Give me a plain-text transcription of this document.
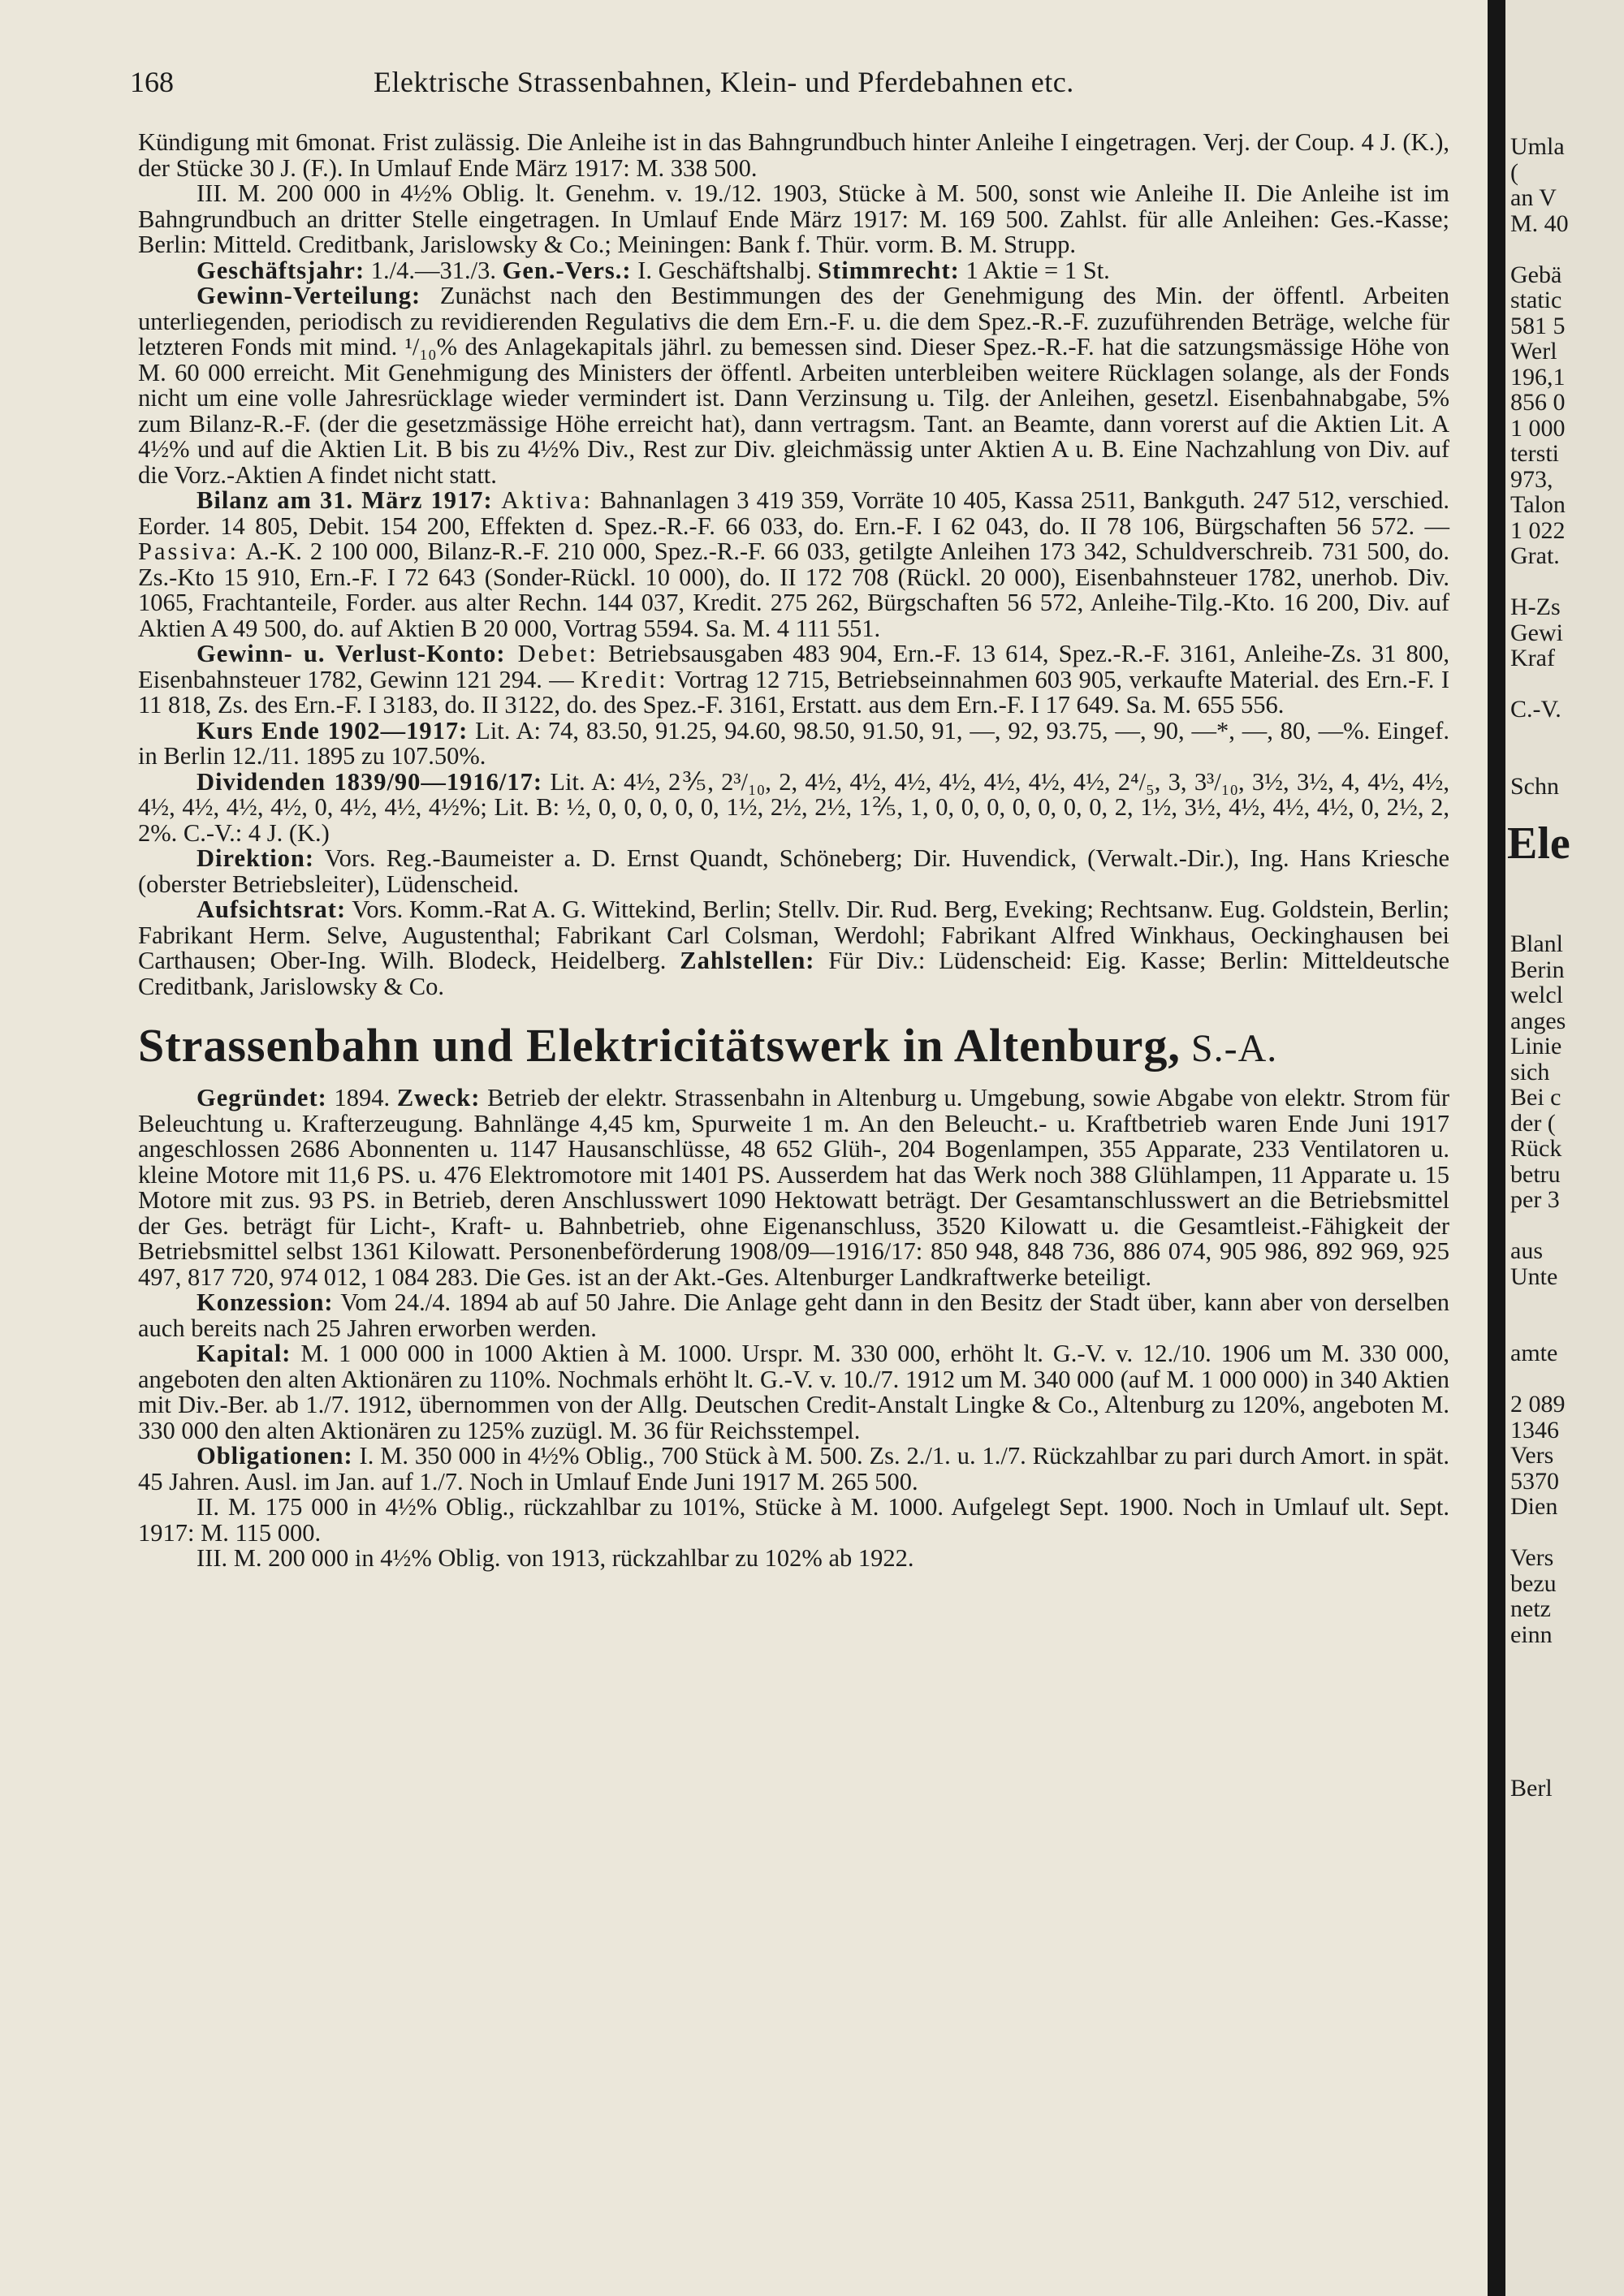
168	Elektrische Strassenbahnen, Klein- und Pferdebahnen etc.

Kündigung mit 6monat. Frist zulässig. Die Anleihe ist in das Bahngrundbuch hinter Anleihe I eingetragen. Verj. der Coup. 4 J. (K.), der Stücke 30 J. (F.). In Umlauf Ende März 1917: M. 338 500.

III. M. 200 000 in 4½% Oblig. lt. Genehm. v. 19./12. 1903, Stücke à M. 500, sonst wie Anleihe II. Die Anleihe ist im Bahngrundbuch an dritter Stelle eingetragen. In Umlauf Ende März 1917: M. 169 500. Zahlst. für alle Anleihen: Ges.-Kasse; Berlin: Mitteld. Creditbank, Jarislowsky & Co.; Meiningen: Bank f. Thür. vorm. B. M. Strupp.

Geschäftsjahr: 1./4.—31./3. Gen.-Vers.: I. Geschäftshalbj. Stimmrecht: 1 Aktie = 1 St.

Gewinn-Verteilung: Zunächst nach den Bestimmungen des der Genehmigung des Min. der öffentl. Arbeiten unterliegenden, periodisch zu revidierenden Regulativs die dem Ern.-F. u. die dem Spez.-R.-F. zuzuführenden Beträge, welche für letzteren Fonds mit mind. ¹/₁₀% des Anlagekapitals jährl. zu bemessen sind. Dieser Spez.-R.-F. hat die satzungsmässige Höhe von M. 60 000 erreicht. Mit Genehmigung des Ministers der öffentl. Arbeiten unterbleiben weitere Rücklagen solange, als der Fonds nicht um eine volle Jahresrücklage wieder vermindert ist. Dann Verzinsung u. Tilg. der Anleihen, gesetzl. Eisenbahnabgabe, 5% zum Bilanz-R.-F. (der die gesetzmässige Höhe erreicht hat), dann vertragsm. Tant. an Beamte, dann vorerst auf die Aktien Lit. A 4½% und auf die Aktien Lit. B bis zu 4½% Div., Rest zur Div. gleichmässig unter Aktien A u. B. Eine Nachzahlung von Div. auf die Vorz.-Aktien A findet nicht statt.

Bilanz am 31. März 1917: Aktiva: Bahnanlagen 3 419 359, Vorräte 10 405, Kassa 2511, Bankguth. 247 512, verschied. Eorder. 14 805, Debit. 154 200, Effekten d. Spez.-R.-F. 66 033, do. Ern.-F. I 62 043, do. II 78 106, Bürgschaften 56 572. — Passiva: A.-K. 2 100 000, Bilanz-R.-F. 210 000, Spez.-R.-F. 66 033, getilgte Anleihen 173 342, Schuldverschreib. 731 500, do. Zs.-Kto 15 910, Ern.-F. I 72 643 (Sonder-Rückl. 10 000), do. II 172 708 (Rückl. 20 000), Eisenbahnsteuer 1782, unerhob. Div. 1065, Frachtanteile, Forder. aus alter Rechn. 144 037, Kredit. 275 262, Bürgschaften 56 572, Anleihe-Tilg.-Kto. 16 200, Div. auf Aktien A 49 500, do. auf Aktien B 20 000, Vortrag 5594. Sa. M. 4 111 551.

Gewinn- u. Verlust-Konto: Debet: Betriebsausgaben 483 904, Ern.-F. 13 614, Spez.-R.-F. 3161, Anleihe-Zs. 31 800, Eisenbahnsteuer 1782, Gewinn 121 294. — Kredit: Vortrag 12 715, Betriebseinnahmen 603 905, verkaufte Material. des Ern.-F. I 11 818, Zs. des Ern.-F. I 3183, do. II 3122, do. des Spez.-F. 3161, Erstatt. aus dem Ern.-F. I 17 649. Sa. M. 655 556.

Kurs Ende 1902—1917: Lit. A: 74, 83.50, 91.25, 94.60, 98.50, 91.50, 91, —, 92, 93.75, —, 90, —*, —, 80, —%. Eingef. in Berlin 12./11. 1895 zu 107.50%.

Dividenden 1839/90—1916/17: Lit. A: 4½, 2⅗, 2³/₁₀, 2, 4½, 4½, 4½, 4½, 4½, 4½, 4½, 2⁴/₅, 3, 3³/₁₀, 3½, 3½, 4, 4½, 4½, 4½, 4½, 4½, 4½, 0, 4½, 4½, 4½%; Lit. B: ½, 0, 0, 0, 0, 0, 1½, 2½, 2½, 1⅖, 1, 0, 0, 0, 0, 0, 0, 0, 2, 1½, 3½, 4½, 4½, 4½, 0, 2½, 2, 2%. C.-V.: 4 J. (K.)

Direktion: Vors. Reg.-Baumeister a. D. Ernst Quandt, Schöneberg; Dir. Huvendick, (Verwalt.-Dir.), Ing. Hans Kriesche (oberster Betriebsleiter), Lüdenscheid.

Aufsichtsrat: Vors. Komm.-Rat A. G. Wittekind, Berlin; Stellv. Dir. Rud. Berg, Eveking; Rechtsanw. Eug. Goldstein, Berlin; Fabrikant Herm. Selve, Augustenthal; Fabrikant Carl Colsman, Werdohl; Fabrikant Alfred Winkhaus, Oeckinghausen bei Carthausen; Ober-Ing. Wilh. Blodeck, Heidelberg. Zahlstellen: Für Div.: Lüdenscheid: Eig. Kasse; Berlin: Mitteldeutsche Creditbank, Jarislowsky & Co.

Strassenbahn und Elektricitätswerk in Altenburg, S.-A.

Gegründet: 1894. Zweck: Betrieb der elektr. Strassenbahn in Altenburg u. Umgebung, sowie Abgabe von elektr. Strom für Beleuchtung u. Krafterzeugung. Bahnlänge 4,45 km, Spurweite 1 m. An den Beleucht.- u. Kraftbetrieb waren Ende Juni 1917 angeschlossen 2686 Abonnenten u. 1147 Hausanschlüsse, 48 652 Glüh-, 204 Bogenlampen, 355 Apparate, 233 Ventilatoren u. kleine Motore mit 11,6 PS. u. 476 Elektromotore mit 1401 PS. Ausserdem hat das Werk noch 388 Glühlampen, 11 Apparate u. 15 Motore mit zus. 93 PS. in Betrieb, deren Anschlusswert 1090 Hektowatt beträgt. Der Gesamtanschlusswert an die Betriebsmittel der Ges. beträgt für Licht-, Kraft- u. Bahnbetrieb, ohne Eigenanschluss, 3520 Kilowatt u. die Gesamtleist.-Fähigkeit der Betriebsmittel selbst 1361 Kilowatt. Personenbeförderung 1908/09—1916/17: 850 948, 848 736, 886 074, 905 986, 892 969, 925 497, 817 720, 974 012, 1 084 283. Die Ges. ist an der Akt.-Ges. Altenburger Landkraftwerke beteiligt.

Konzession: Vom 24./4. 1894 ab auf 50 Jahre. Die Anlage geht dann in den Besitz der Stadt über, kann aber von derselben auch bereits nach 25 Jahren erworben werden.

Kapital: M. 1 000 000 in 1000 Aktien à M. 1000. Urspr. M. 330 000, erhöht lt. G.-V. v. 12./10. 1906 um M. 330 000, angeboten den alten Aktionären zu 110%. Nochmals erhöht lt. G.-V. v. 10./7. 1912 um M. 340 000 (auf M. 1 000 000) in 340 Aktien mit Div.-Ber. ab 1./7. 1912, übernommen von der Allg. Deutschen Credit-Anstalt Lingke & Co., Altenburg zu 120%, angeboten M. 330 000 den alten Aktionären zu 125% zuzügl. M. 36 für Reichsstempel.

Obligationen: I. M. 350 000 in 4½% Oblig., 700 Stück à M. 500. Zs. 2./1. u. 1./7. Rückzahlbar zu pari durch Amort. in spät. 45 Jahren. Ausl. im Jan. auf 1./7. Noch in Umlauf Ende Juni 1917 M. 265 500.

II. M. 175 000 in 4½% Oblig., rückzahlbar zu 101%, Stücke à M. 1000. Aufgelegt Sept. 1900. Noch in Umlauf ult. Sept. 1917: M. 115 000.

III. M. 200 000 in 4½% Oblig. von 1913, rückzahlbar zu 102% ab 1922.

Umla
(
an V
M. 40

Gebä
static
581 5
Werl
196,1
856 0
1 000
tersti
973,
Talon
1 022
Grat.

H-Zs
Gewi
Kraf

C.-V.

Schn
Ele

Blanl
Berin
welcl
anges
Linie
sich
Bei c
der (
Rück
betru
per 3

aus
Unte

amte

2 089
1346
Vers
5370
Dien

Vers
bezu
netz
einn

Berl
